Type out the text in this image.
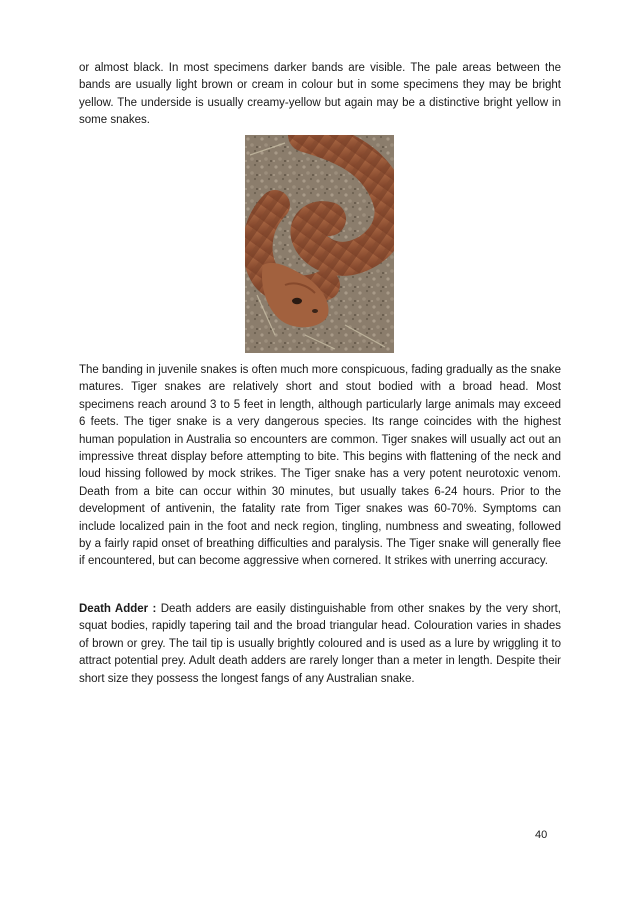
or almost black. In most specimens darker bands are visible. The pale areas between the bands are usually light brown or cream in colour but in some specimens they may be bright yellow. The underside is usually creamy-yellow but again may be a distinctive bright yellow in some snakes.

The banding in juvenile snakes is often much more conspicuous, fading gradually as the snake matures. Tiger snakes are relatively short and stout bodied with a broad head. Most specimens reach around 3 to 5 feet in length, although particularly large animals may exceed 6 feets. The tiger snake is a very dangerous species. Its range coincides with the highest human population in Australia so encounters are common. Tiger snakes will usually act out an impressive threat display before attempting to bite. This begins with flattening of the neck and loud hissing followed by mock strikes. The Tiger snake has a very potent neurotoxic venom. Death from a bite can occur within 30 minutes, but usually takes 6-24 hours. Prior to the development of antivenin, the fatality rate from Tiger snakes was 60-70%. Symptoms can include localized pain in the foot and neck region, tingling, numbness and sweating, followed by a fairly rapid onset of breathing difficulties and paralysis. The Tiger snake will generally flee if encountered, but can become aggressive when cornered. It strikes with unerring accuracy.

Death Adder : Death adders are easily distinguishable from other snakes by the very short, squat bodies, rapidly tapering tail and the broad triangular head. Colouration varies in shades of brown or grey. The tail tip is usually brightly coloured and is used as a lure by wriggling it to attract potential prey. Adult death adders are rarely longer than a meter in length. Despite their short size they possess the longest fangs of any Australian snake.

40
